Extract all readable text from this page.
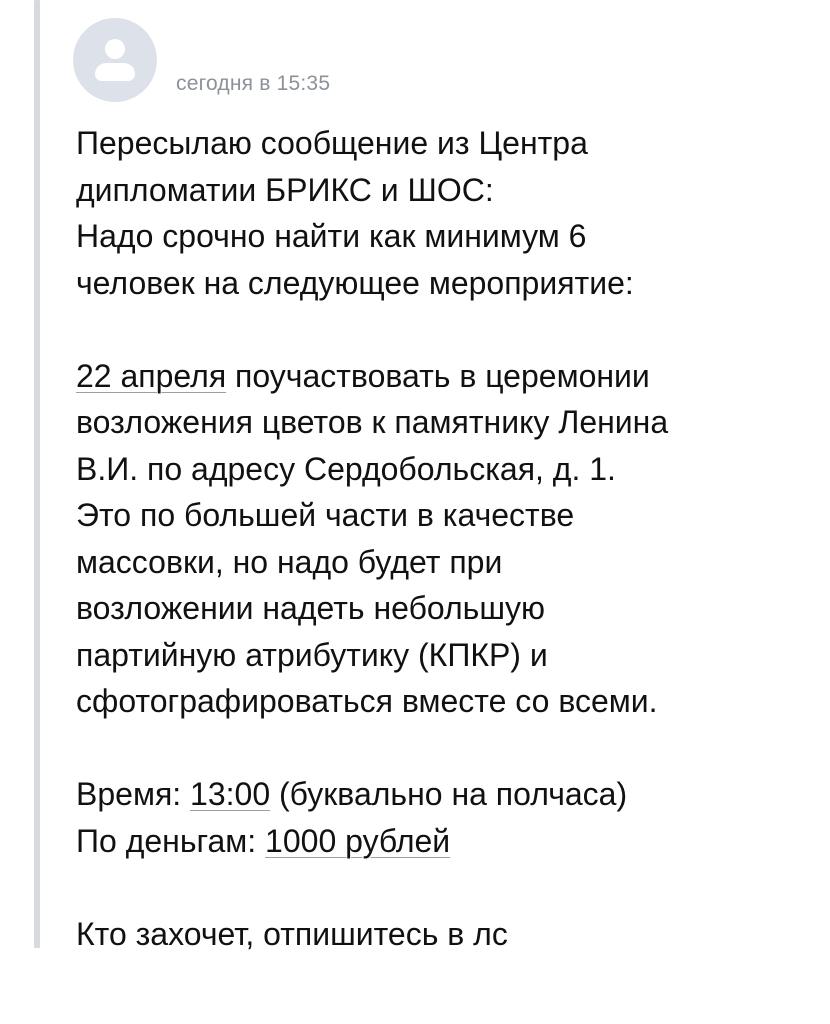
сегодня в 15:35

Пересылаю сообщение из Центра

дипломатии БРИКС и ШОС:

Надо срочно найти как минимум 6

человек на следующее мероприятие:

22 апреля поучаствовать в церемонии

возложения цветов к памятнику Ленина

В.И. по адресу Сердобольская, д. 1.

Это по большей части в качестве

массовки, но надо будет при

возложении надеть небольшую

партийную атрибутику (КПКР) и

сфотографироваться вместе со всеми.

Время: 13:00 (буквально на полчаса)

По деньгам: 1000 рублей

Кто захочет, отпишитесь в лс
